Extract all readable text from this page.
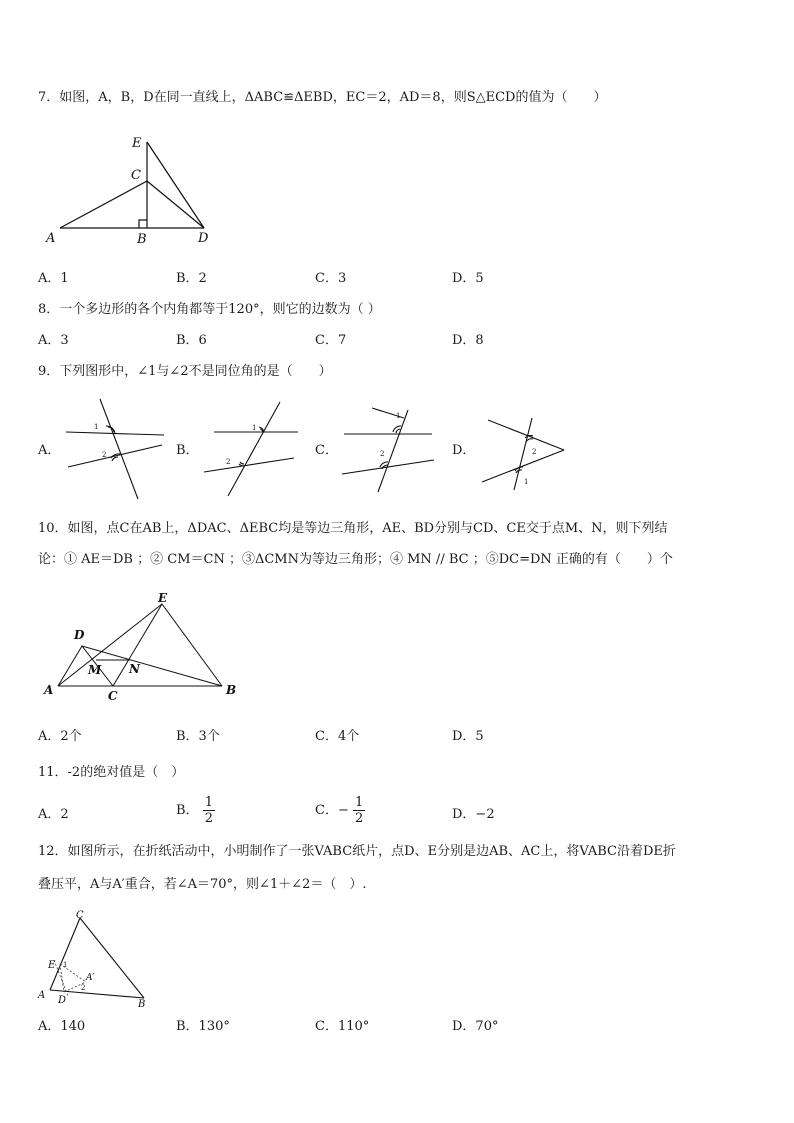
7．如图，A，B，D在同一直线上，ΔABC≌ΔEBD，EC＝2，AD＝8，则S△ECD的值为（　　）
E
C
A	B	D
A．1	B．2	C．3	D．5
8．一个多边形的各个内角都等于120°，则它的边数为（ ）
A．3	B．6	C．7	D．8
9．下列图形中，∠1与∠2不是同位角的是（　　）
A．	B．	C．	D．
1
2
1
2
1
2	2
1
10．如图，点C在AB上，ΔDAC、ΔEBC均是等边三角形，AE、BD分别与CD、CE交于点M、N，则下列结
论：① AE＝DB ；② CM＝CN ；③ΔCMN为等边三角形；④ MN // BC ；⑤DC=DN 正确的有（　　）个
E
D
M N
A	C	B
A．2个	B．3个	C．4个	D．5
11．-2的绝对值是（　）
A．2	B． $\frac{1}{2}$	C．− $\frac{1}{2}$	D．−2
12．如图所示，在折纸活动中，小明制作了一张VABC纸片，点D、E分别是边AB、AC上，将VABC沿着DE折
叠压平，A与A′重合，若∠A＝70°，则∠1＋∠2＝（　）.
C
E 1
A′
2
A D	B
A．140	B．130°	C．110°	D．70°
